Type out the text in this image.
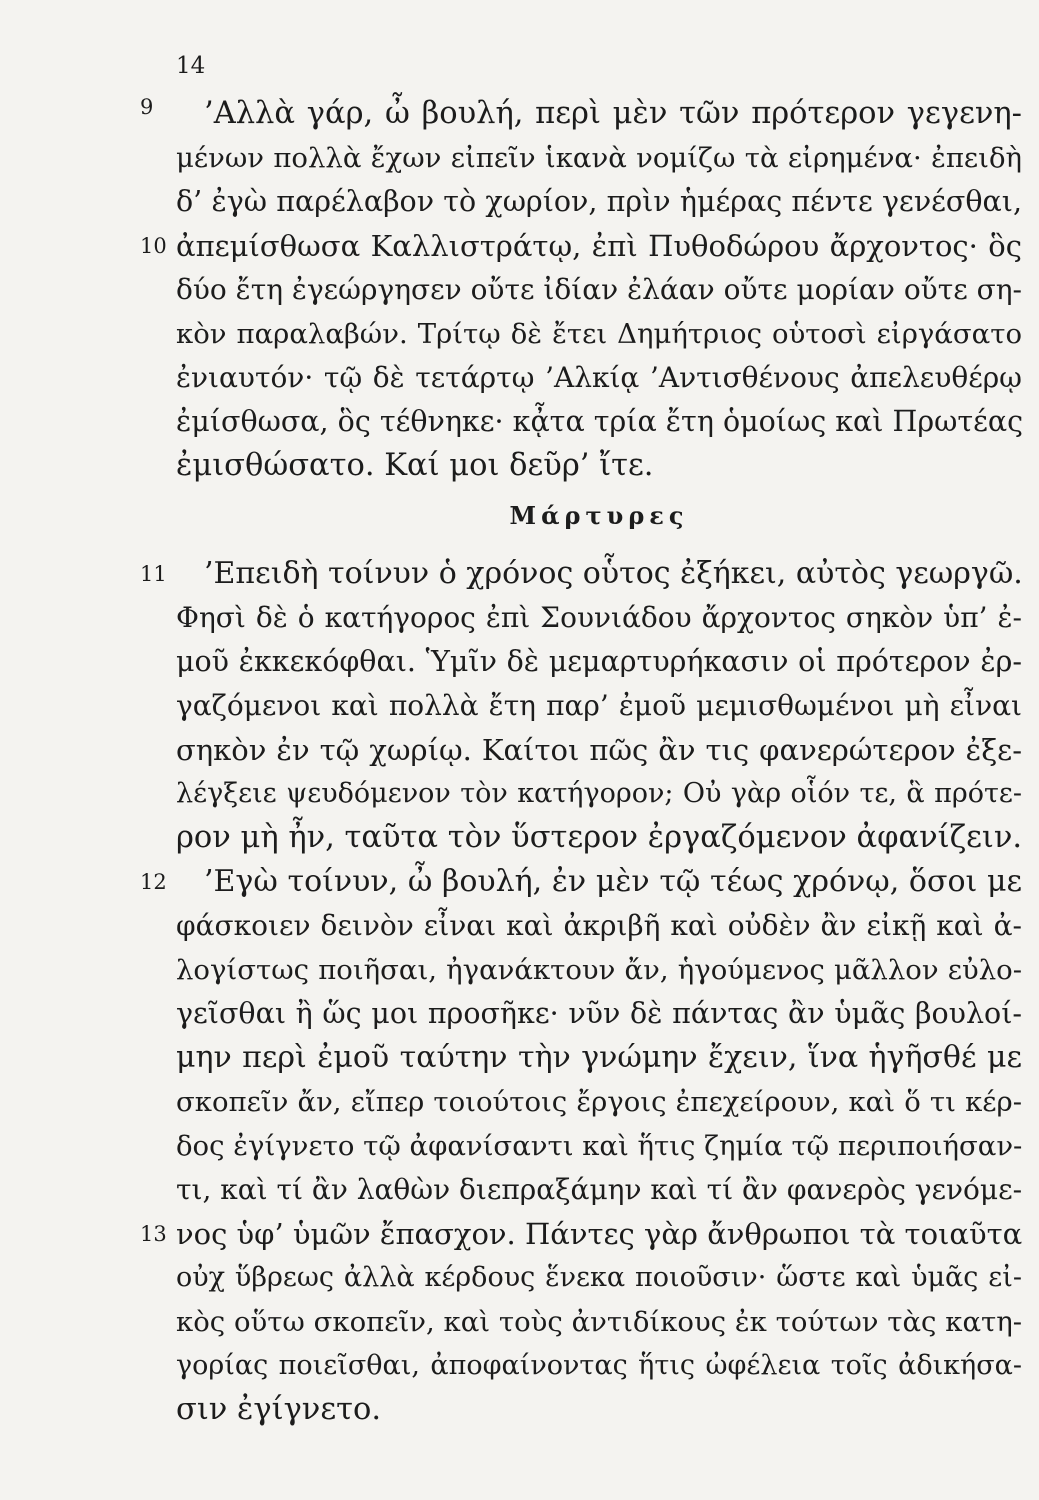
14
9 ’Αλλὰ γάρ, ὦ βουλή, περὶ μὲν τῶν πρότερον γεγενη-
μένων πολλὰ ἔχων εἰπεῖν ἱκανὰ νομίζω τὰ εἰρημένα· ἐπειδὴ
δ’ ἐγὼ παρέλαβον τὸ χωρίον, πρὶν ἡμέρας πέντε γενέσθαι,
10 ἀπεμίσθωσα Καλλιστράτῳ, ἐπὶ Πυθοδώρου ἄρχοντος· ὃς
δύο ἔτη ἐγεώργησεν οὔτε ἰδίαν ἐλάαν οὔτε μορίαν οὔτε ση-
κὸν παραλαβών. Τρίτῳ δὲ ἔτει Δημήτριος οὑτοσὶ εἰργάσατο
ἐνιαυτόν· τῷ δὲ τετάρτῳ ’Αλκίᾳ ’Αντισθένους ἀπελευθέρῳ
ἐμίσθωσα, ὃς τέθνηκε· κᾆτα τρία ἔτη ὁμοίως καὶ Πρωτέας
ἐμισθώσατο. Καί μοι δεῦρ’ ἴτε.
Μάρτυρες
11 ’Επειδὴ τοίνυν ὁ χρόνος οὗτος ἐξήκει, αὐτὸς γεωργῶ.
Φησὶ δὲ ὁ κατήγορος ἐπὶ Σουνιάδου ἄρχοντος σηκὸν ὑπ’ ἐ-
μοῦ ἐκκεκόφθαι. Ὑμῖν δὲ μεμαρτυρήκασιν οἱ πρότερον ἐρ-
γαζόμενοι καὶ πολλὰ ἔτη παρ’ ἐμοῦ μεμισθωμένοι μὴ εἶναι
σηκὸν ἐν τῷ χωρίῳ. Καίτοι πῶς ἂν τις φανερώτερον ἐξε-
λέγξειε ψευδόμενον τὸν κατήγορον; Οὐ γὰρ οἷόν τε, ἃ πρότε-
ρον μὴ ἦν, ταῦτα τὸν ὕστερον ἐργαζόμενον ἀφανίζειν.
12 ’Εγὼ τοίνυν, ὦ βουλή, ἐν μὲν τῷ τέως χρόνῳ, ὅσοι με
φάσκοιεν δεινὸν εἶναι καὶ ἀκριβῆ καὶ οὐδὲν ἂν εἰκῇ καὶ ἀ-
λογίστως ποιῆσαι, ἠγανάκτουν ἄν, ἡγούμενος μᾶλλον εὐλο-
γεῖσθαι ἢ ὥς μοι προσῆκε· νῦν δὲ πάντας ἂν ὑμᾶς βουλοί-
μην περὶ ἐμοῦ ταύτην τὴν γνώμην ἔχειν, ἵνα ἡγῆσθέ με
σκοπεῖν ἄν, εἴπερ τοιούτοις ἔργοις ἐπεχείρουν, καὶ ὅ τι κέρ-
δος ἐγίγνετο τῷ ἀφανίσαντι καὶ ἥτις ζημία τῷ περιποιήσαν-
τι, καὶ τί ἂν λαθὼν διεπραξάμην καὶ τί ἂν φανερὸς γενόμε-
13 νος ὑφ’ ὑμῶν ἔπασχον. Πάντες γὰρ ἄνθρωποι τὰ τοιαῦτα
οὐχ ὕβρεως ἀλλὰ κέρδους ἕνεκα ποιοῦσιν· ὥστε καὶ ὑμᾶς εἰ-
κὸς οὕτω σκοπεῖν, καὶ τοὺς ἀντιδίκους ἐκ τούτων τὰς κατη-
γορίας ποιεῖσθαι, ἀποφαίνοντας ἥτις ὠφέλεια τοῖς ἀδικήσα-
σιν ἐγίγνετο.
